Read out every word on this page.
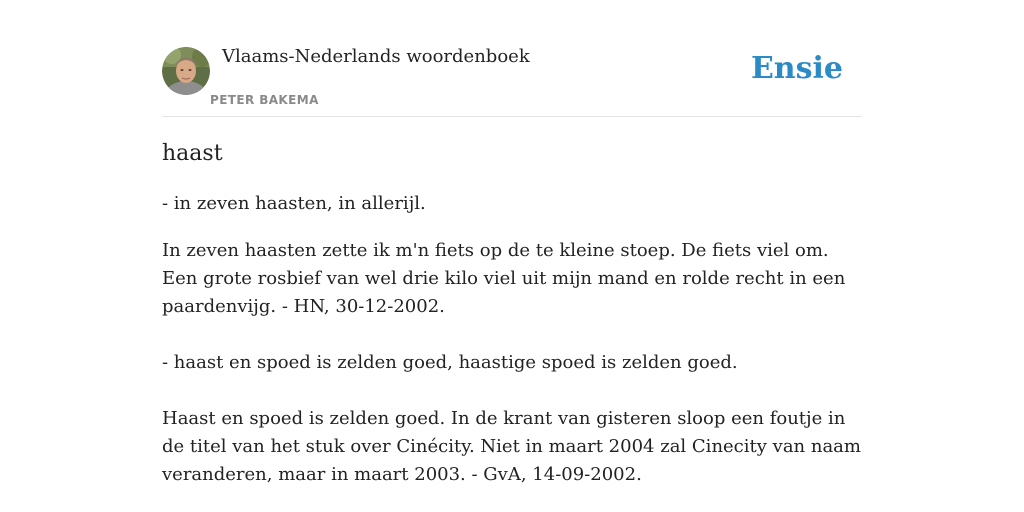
Vlaams-Nederlands woordenboek
PETER BAKEMA
Ensie
haast

- in zeven haasten, in allerijl.

In zeven haasten zette ik m'n fiets op de te kleine stoep. De fiets viel om. Een grote rosbief van wel drie kilo viel uit mijn mand en rolde recht in een paardenvijg. - HN, 30-12-2002.

- haast en spoed is zelden goed, haastige spoed is zelden goed.

Haast en spoed is zelden goed. In de krant van gisteren sloop een foutje in de titel van het stuk over Cinécity. Niet in maart 2004 zal Cinecity van naam veranderen, maar in maart 2003. - GvA, 14-09-2002.
